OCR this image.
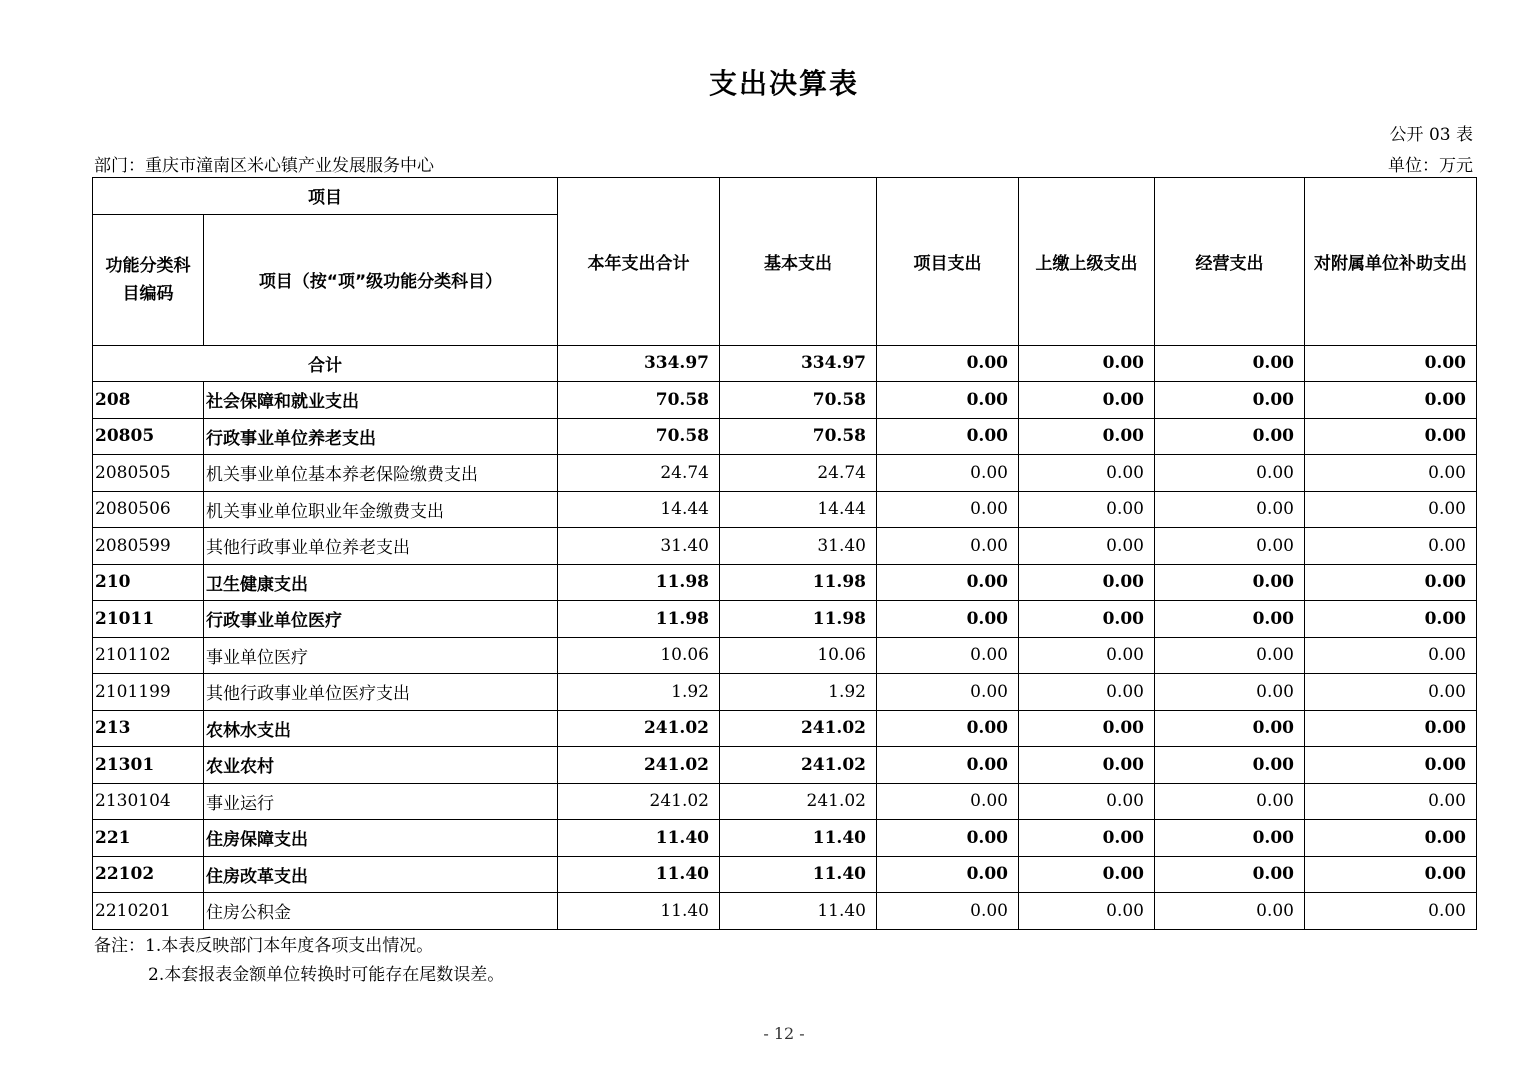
支出决算表
公开 03 表
部门：重庆市潼南区米心镇产业发展服务中心	单位：万元
项目		本年支出合计	基本支出	项目支出	上缴上级支出	经营支出	对附属单位补助支出
功能分类科目编码	项目（按“项”级功能分类科目）						
合计		334.97	334.97	0.00	0.00	0.00	0.00
208	社会保障和就业支出	70.58	70.58	0.00	0.00	0.00	0.00
20805	行政事业单位养老支出	70.58	70.58	0.00	0.00	0.00	0.00
2080505	机关事业单位基本养老保险缴费支出	24.74	24.74	0.00	0.00	0.00	0.00
2080506	机关事业单位职业年金缴费支出	14.44	14.44	0.00	0.00	0.00	0.00
2080599	其他行政事业单位养老支出	31.40	31.40	0.00	0.00	0.00	0.00
210	卫生健康支出	11.98	11.98	0.00	0.00	0.00	0.00
21011	行政事业单位医疗	11.98	11.98	0.00	0.00	0.00	0.00
2101102	事业单位医疗	10.06	10.06	0.00	0.00	0.00	0.00
2101199	其他行政事业单位医疗支出	1.92	1.92	0.00	0.00	0.00	0.00
213	农林水支出	241.02	241.02	0.00	0.00	0.00	0.00
21301	农业农村	241.02	241.02	0.00	0.00	0.00	0.00
2130104	事业运行	241.02	241.02	0.00	0.00	0.00	0.00
221	住房保障支出	11.40	11.40	0.00	0.00	0.00	0.00
22102	住房改革支出	11.40	11.40	0.00	0.00	0.00	0.00
2210201	住房公积金	11.40	11.40	0.00	0.00	0.00	0.00
备注：1.本表反映部门本年度各项支出情况。
2.本套报表金额单位转换时可能存在尾数误差。
- 12 -
